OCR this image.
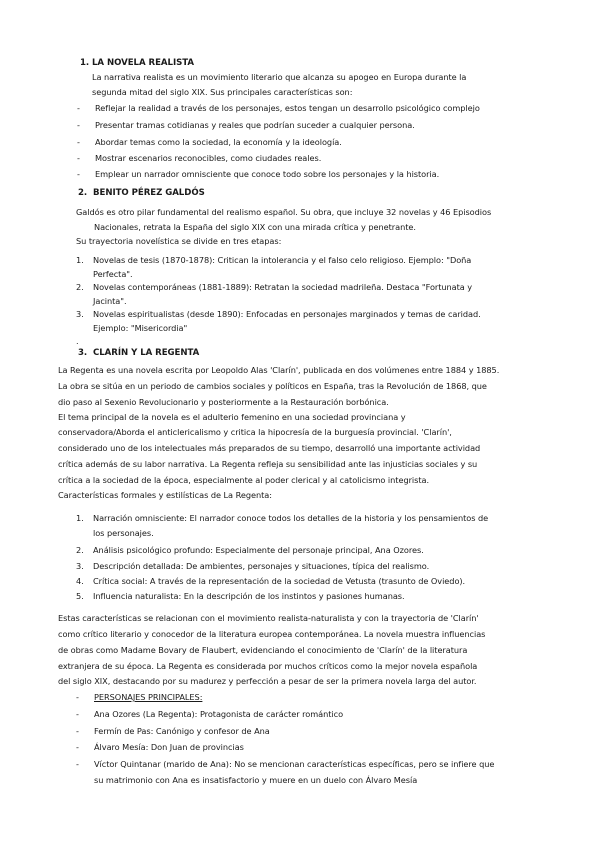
1. LA NOVELA REALISTA
La narrativa realista es un movimiento literario que alcanza su apogeo en Europa durante la
segunda mitad del siglo XIX. Sus principales características son:
- Reflejar la realidad a través de los personajes, estos tengan un desarrollo psicológico complejo
- Presentar tramas cotidianas y reales que podrían suceder a cualquier persona.
- Abordar temas como la sociedad, la economía y la ideología.
- Mostrar escenarios reconocibles, como ciudades reales.
- Emplear un narrador omnisciente que conoce todo sobre los personajes y la historia.
2. BENITO PÉREZ GALDÓS
Galdós es otro pilar fundamental del realismo español. Su obra, que incluye 32 novelas y 46 Episodios
Nacionales, retrata la España del siglo XIX con una mirada crítica y penetrante.
Su trayectoria novelística se divide en tres etapas:
1. Novelas de tesis (1870-1878): Critican la intolerancia y el falso celo religioso. Ejemplo: "Doña
Perfecta".
2. Novelas contemporáneas (1881-1889): Retratan la sociedad madrileña. Destaca "Fortunata y
Jacinta".
3. Novelas espiritualistas (desde 1890): Enfocadas en personajes marginados y temas de caridad.
Ejemplo: "Misericordia"
.
3. CLARÍN Y LA REGENTA
La Regenta es una novela escrita por Leopoldo Alas 'Clarín', publicada en dos volúmenes entre 1884 y 1885.
La obra se sitúa en un periodo de cambios sociales y políticos en España, tras la Revolución de 1868, que
dio paso al Sexenio Revolucionario y posteriormente a la Restauración borbónica.
El tema principal de la novela es el adulterio femenino en una sociedad provinciana y
conservadora/Aborda el anticlericalismo y critica la hipocresía de la burguesía provincial. 'Clarín',
considerado uno de los intelectuales más preparados de su tiempo, desarrolló una importante actividad
crítica además de su labor narrativa. La Regenta refleja su sensibilidad ante las injusticias sociales y su
crítica a la sociedad de la época, especialmente al poder clerical y al catolicismo integrista.
Características formales y estilísticas de La Regenta:
1. Narración omnisciente: El narrador conoce todos los detalles de la historia y los pensamientos de
los personajes.
2. Análisis psicológico profundo: Especialmente del personaje principal, Ana Ozores.
3. Descripción detallada: De ambientes, personajes y situaciones, típica del realismo.
4. Crítica social: A través de la representación de la sociedad de Vetusta (trasunto de Oviedo).
5. Influencia naturalista: En la descripción de los instintos y pasiones humanas.
Estas características se relacionan con el movimiento realista-naturalista y con la trayectoria de 'Clarín'
como crítico literario y conocedor de la literatura europea contemporánea. La novela muestra influencias
de obras como Madame Bovary de Flaubert, evidenciando el conocimiento de 'Clarín' de la literatura
extranjera de su época. La Regenta es considerada por muchos críticos como la mejor novela española
del siglo XIX, destacando por su madurez y perfección a pesar de ser la primera novela larga del autor.
- PERSONAJES PRINCIPALES:
- Ana Ozores (La Regenta): Protagonista de carácter romántico
- Fermín de Pas: Canónigo y confesor de Ana
- Álvaro Mesía: Don Juan de provincias
- Víctor Quintanar (marido de Ana): No se mencionan características específicas, pero se infiere que
su matrimonio con Ana es insatisfactorio y muere en un duelo con Álvaro Mesía
